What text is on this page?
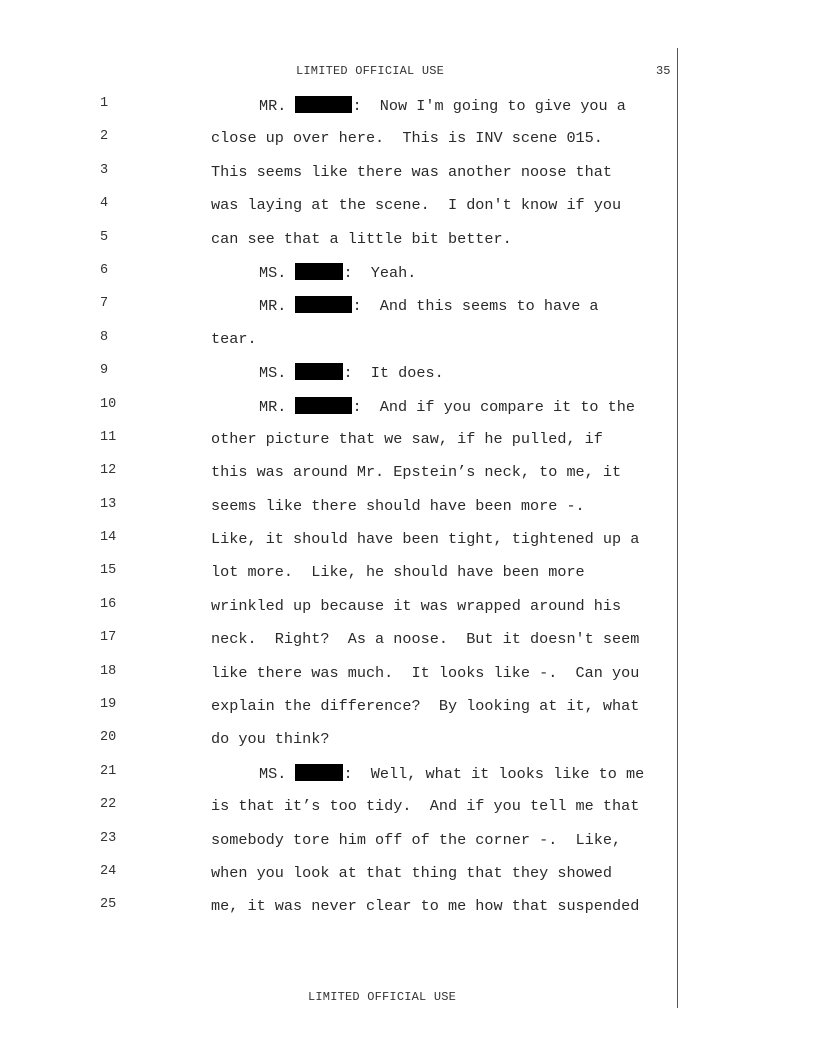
LIMITED OFFICIAL USE	35
1	MR.	:  Now I'm going to give you a
2	close up over here.  This is INV scene 015.
3	This seems like there was another noose that
4	was laying at the scene.  I don't know if you
5	can see that a little bit better.
6	MS.	:  Yeah.
7	MR.	:  And this seems to have a
8	tear.
9	MS.	:  It does.
10	MR.	:  And if you compare it to the
11	other picture that we saw, if he pulled, if
12	this was around Mr. Epstein’s neck, to me, it
13	seems like there should have been more -.
14	Like, it should have been tight, tightened up a
15	lot more.  Like, he should have been more
16	wrinkled up because it was wrapped around his
17	neck.  Right?  As a noose.  But it doesn't seem
18	like there was much.  It looks like -.  Can you
19	explain the difference?  By looking at it, what
20	do you think?
21	MS.	:  Well, what it looks like to me
22	is that it’s too tidy.  And if you tell me that
23	somebody tore him off of the corner -.  Like,
24	when you look at that thing that they showed
25	me, it was never clear to me how that suspended
LIMITED OFFICIAL USE
